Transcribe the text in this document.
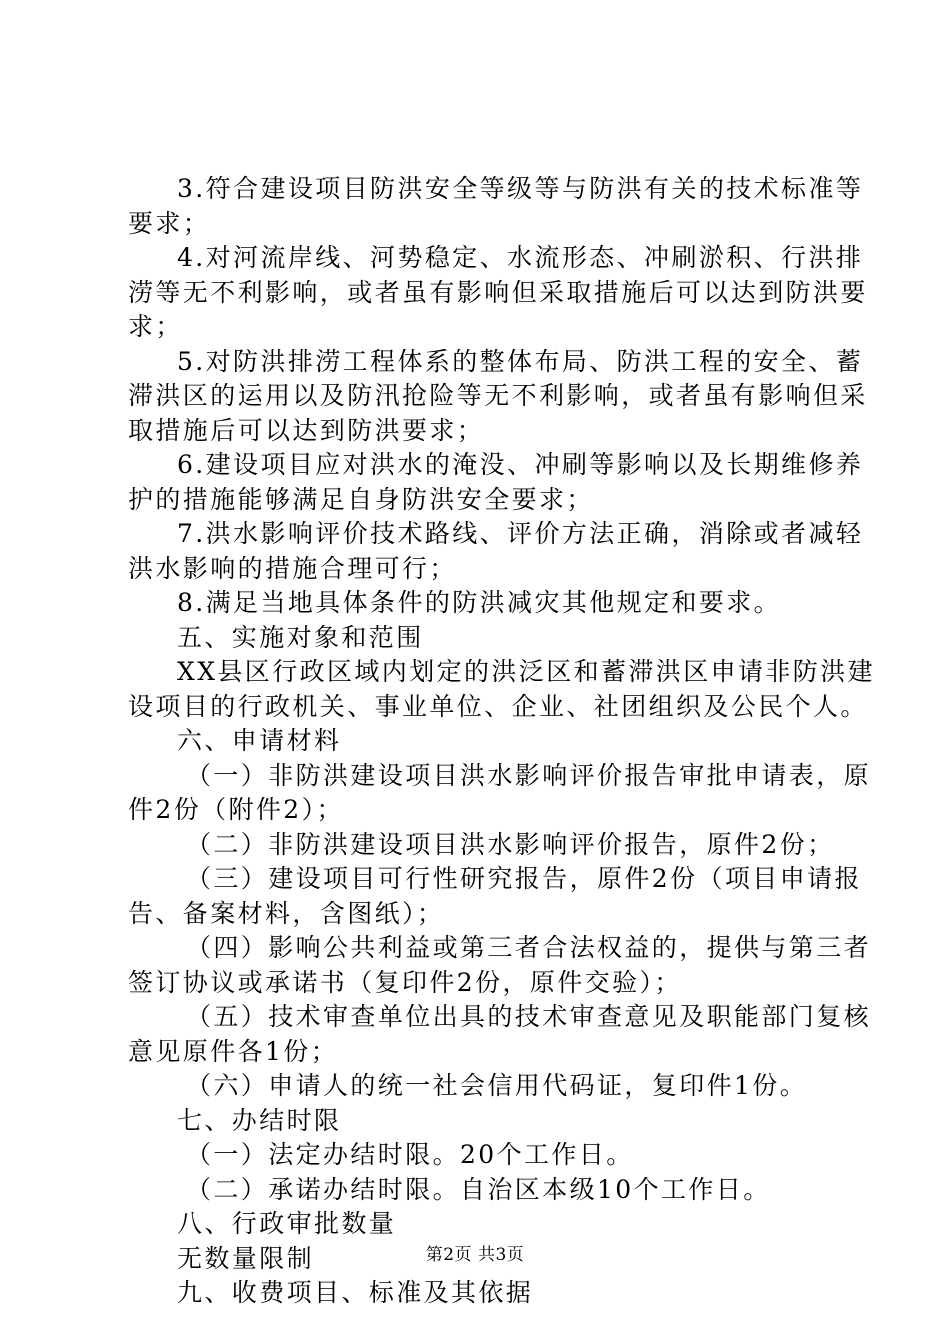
3.符合建设项目防洪安全等级等与防洪有关的技术标准等
要求；
4.对河流岸线、河势稳定、水流形态、冲刷淤积、行洪排
涝等无不利影响，或者虽有影响但采取措施后可以达到防洪要
求；
5.对防洪排涝工程体系的整体布局、防洪工程的安全、蓄
滞洪区的运用以及防汛抢险等无不利影响，或者虽有影响但采
取措施后可以达到防洪要求；
6.建设项目应对洪水的淹没、冲刷等影响以及长期维修养
护的措施能够满足自身防洪安全要求；
7.洪水影响评价技术路线、评价方法正确，消除或者减轻
洪水影响的措施合理可行；
8.满足当地具体条件的防洪减灾其他规定和要求。
五、实施对象和范围
XX县区行政区域内划定的洪泛区和蓄滞洪区申请非防洪建
设项目的行政机关、事业单位、企业、社团组织及公民个人。
六、申请材料
（一）非防洪建设项目洪水影响评价报告审批申请表，原
件2份（附件2）；
（二）非防洪建设项目洪水影响评价报告，原件2份；
（三）建设项目可行性研究报告，原件2份（项目申请报
告、备案材料，含图纸）；
（四）影响公共利益或第三者合法权益的，提供与第三者
签订协议或承诺书（复印件2份，原件交验）；
（五）技术审查单位出具的技术审查意见及职能部门复核
意见原件各1份；
（六）申请人的统一社会信用代码证，复印件1份。
七、办结时限
（一）法定办结时限。20个工作日。
（二）承诺办结时限。自治区本级10个工作日。
八、行政审批数量
无数量限制
九、收费项目、标准及其依据
第2页 共3页
